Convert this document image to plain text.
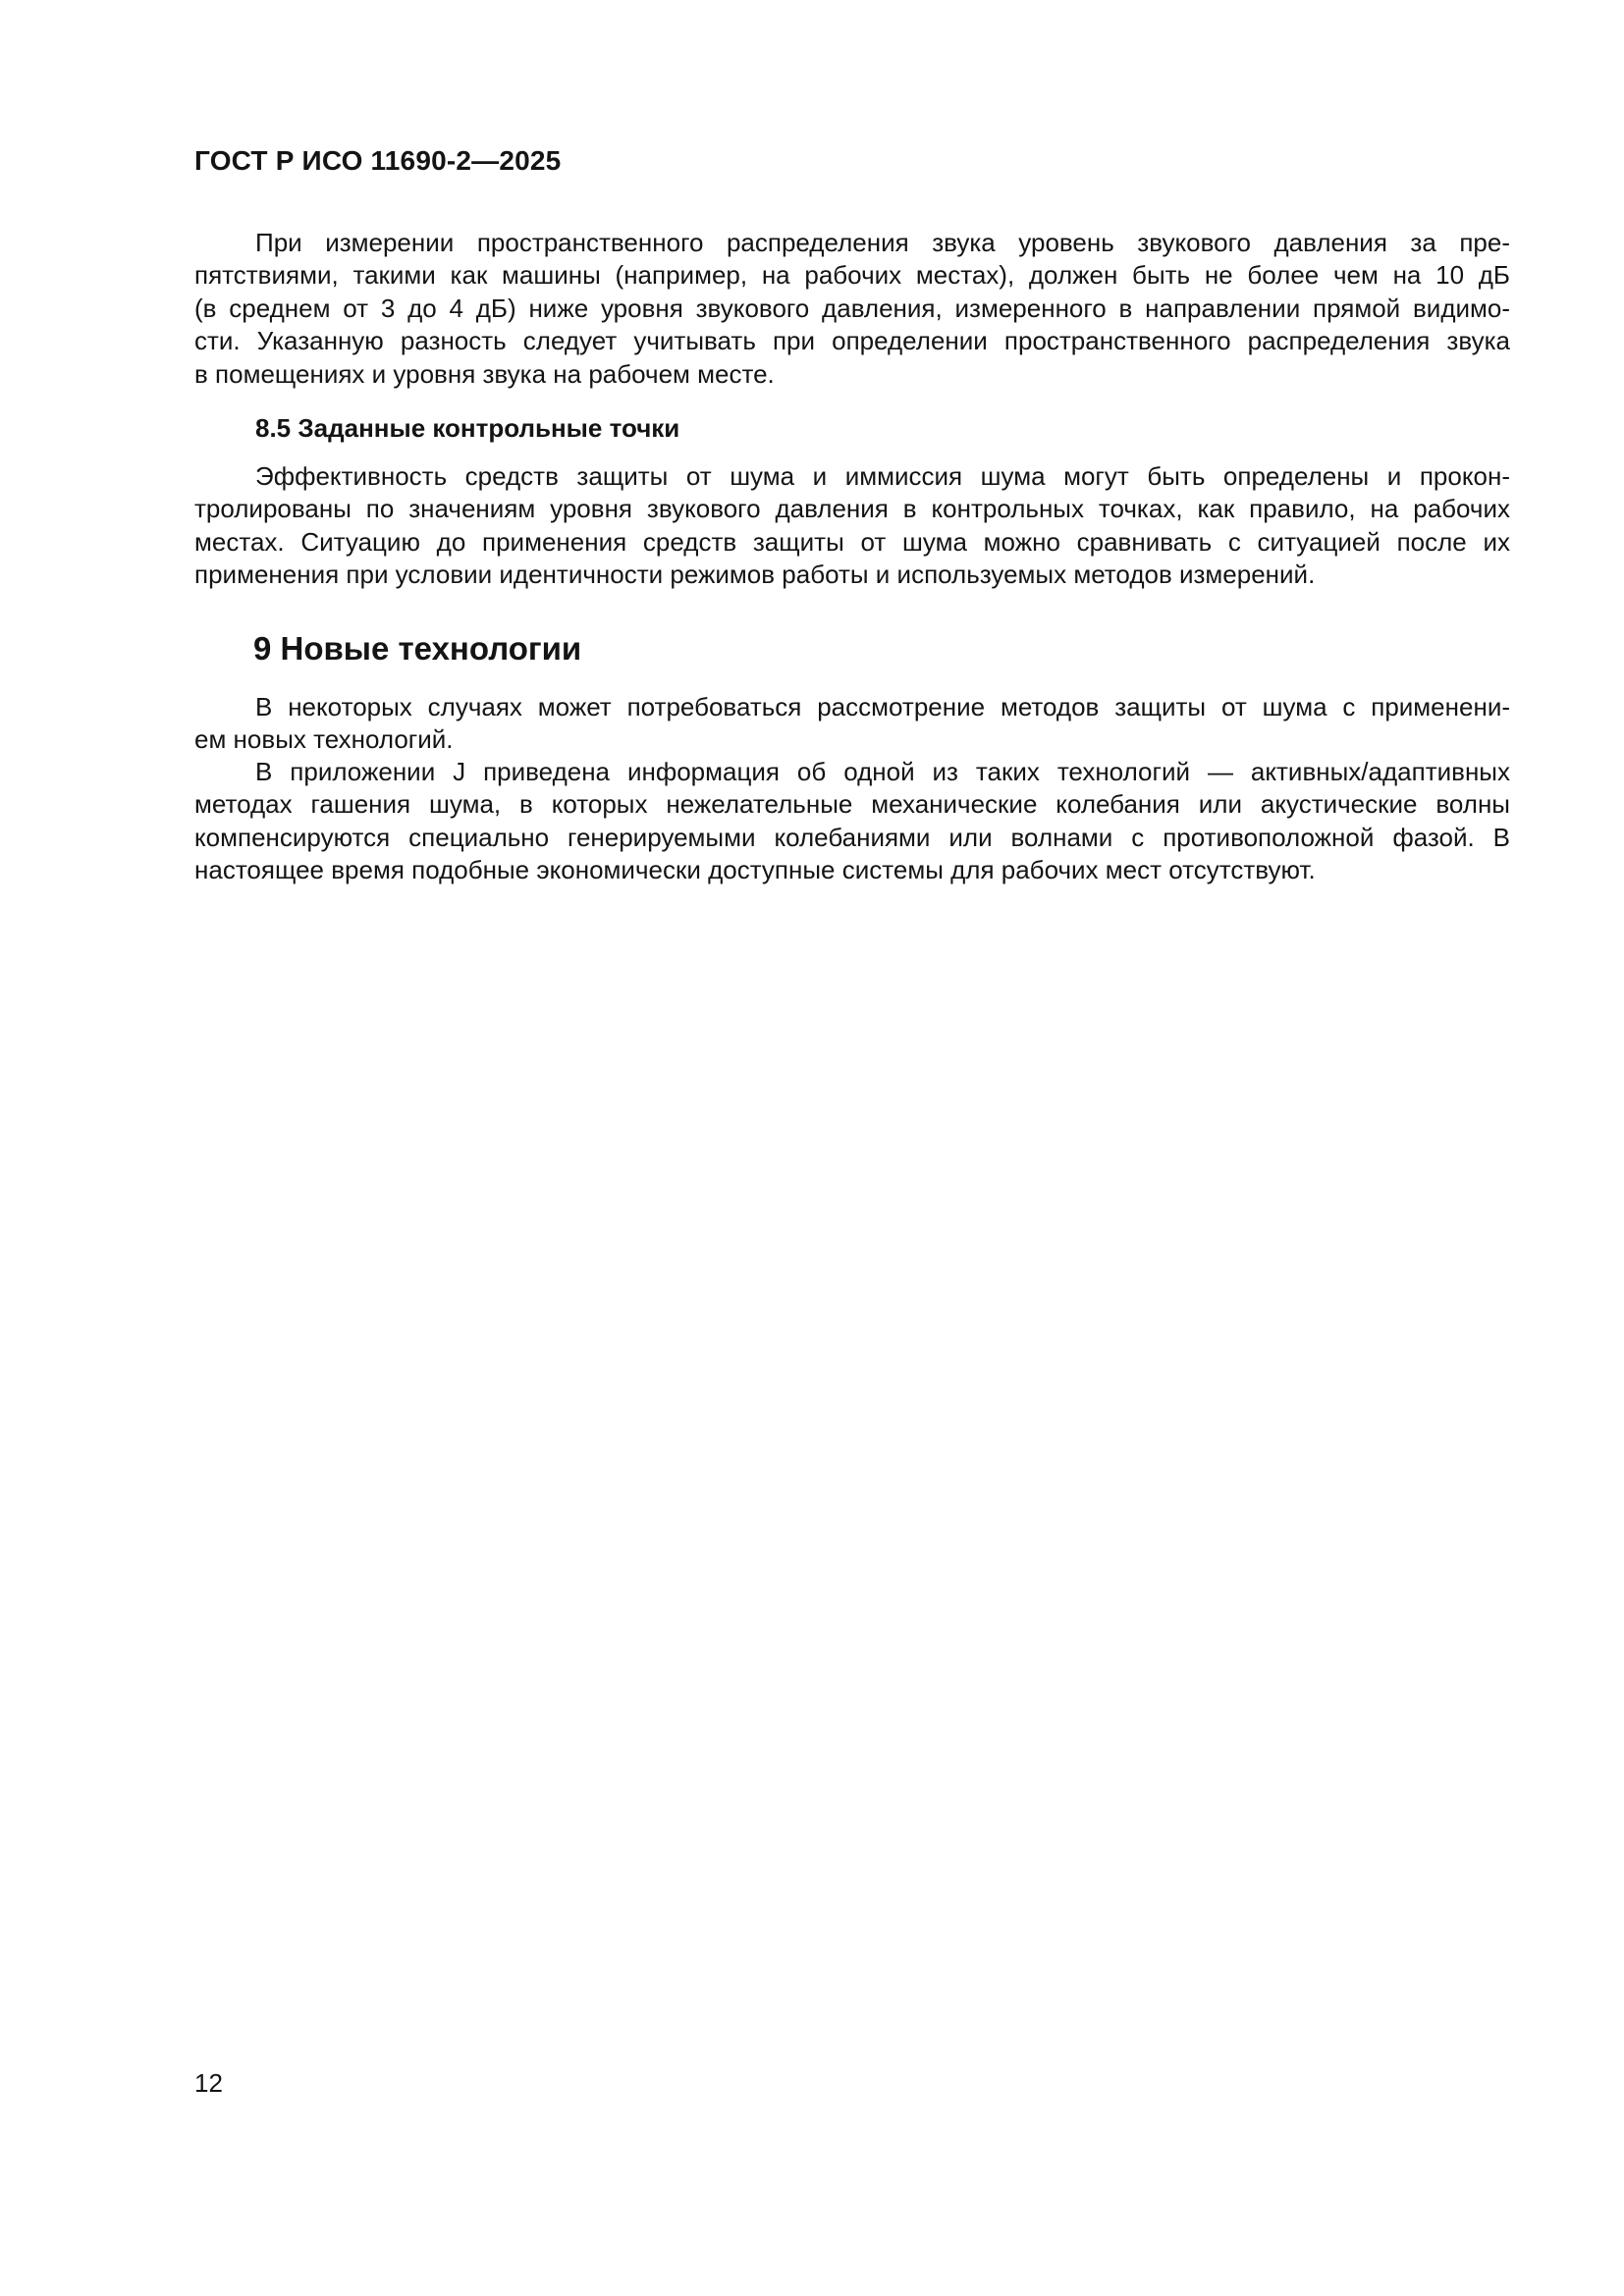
ГОСТ Р ИСО 11690-2—2025
При измерении пространственного распределения звука уровень звукового давления за пре-
пятствиями, такими как машины (например, на рабочих местах), должен быть не более чем на 10 дБ
(в среднем от 3 до 4 дБ) ниже уровня звукового давления, измеренного в направлении прямой видимо-
сти. Указанную разность следует учитывать при определении пространственного распределения звука
в помещениях и уровня звука на рабочем месте.
8.5 Заданные контрольные точки
Эффективность средств защиты от шума и иммиссия шума могут быть определены и прокон-
тролированы по значениям уровня звукового давления в контрольных точках, как правило, на рабочих
местах. Ситуацию до применения средств защиты от шума можно сравнивать с ситуацией после их
применения при условии идентичности режимов работы и используемых методов измерений.
9 Новые технологии
В некоторых случаях может потребоваться рассмотрение методов защиты от шума с применени-
ем новых технологий.
В приложении J приведена информация об одной из таких технологий — активных/адаптивных
методах гашения шума, в которых нежелательные механические колебания или акустические волны
компенсируются специально генерируемыми колебаниями или волнами с противоположной фазой. В
настоящее время подобные экономически доступные системы для рабочих мест отсутствуют.
12
